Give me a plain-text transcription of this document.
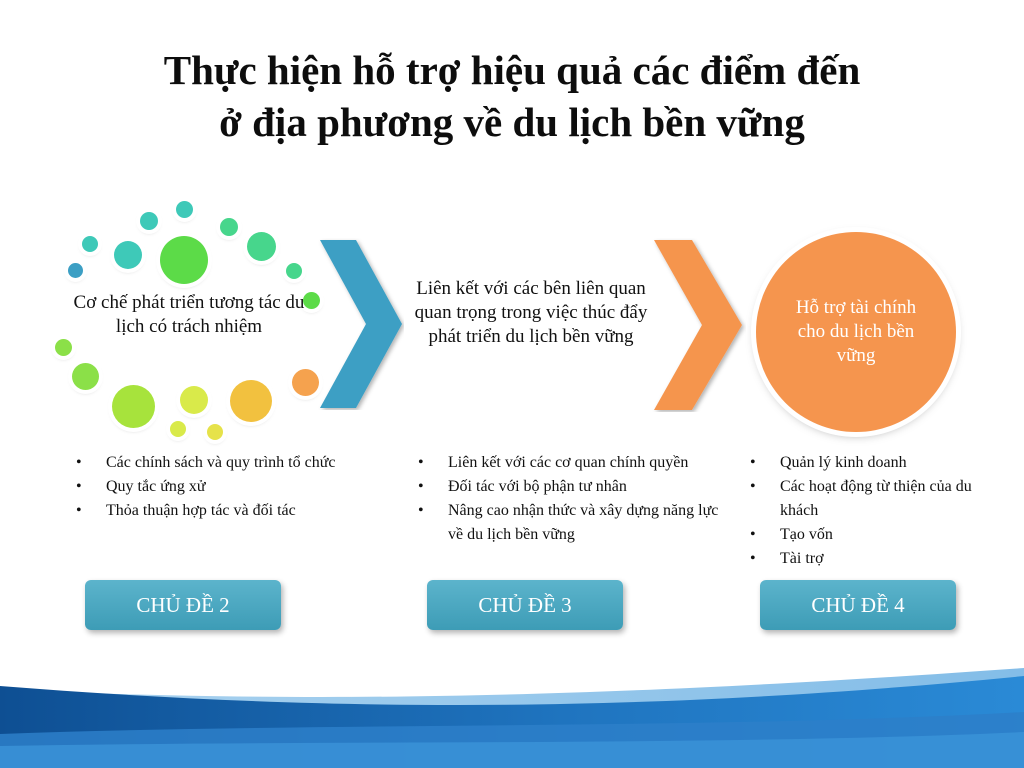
Thực hiện hỗ trợ hiệu quả các điểm đến
ở địa phương về du lịch bền vững
Cơ chế phát triển tương tác du lịch có trách nhiệm
Liên kết với các bên liên quan quan trọng trong việc thúc đẩy phát triển du lịch bền vững
Hỗ trợ tài chính cho du lịch bền vững
• Các chính sách và quy trình tổ chức
• Quy tắc ứng xử
• Thỏa thuận hợp tác và đối tác
• Liên kết với các cơ quan chính quyền
• Đối tác với bộ phận tư nhân
• Nâng cao nhận thức và xây dựng năng lực về du lịch bền vững
• Quản lý kinh doanh
• Các hoạt động từ thiện của du khách
• Tạo vốn
• Tài trợ
CHỦ ĐỀ 2	CHỦ ĐỀ 3	CHỦ ĐỀ 4
